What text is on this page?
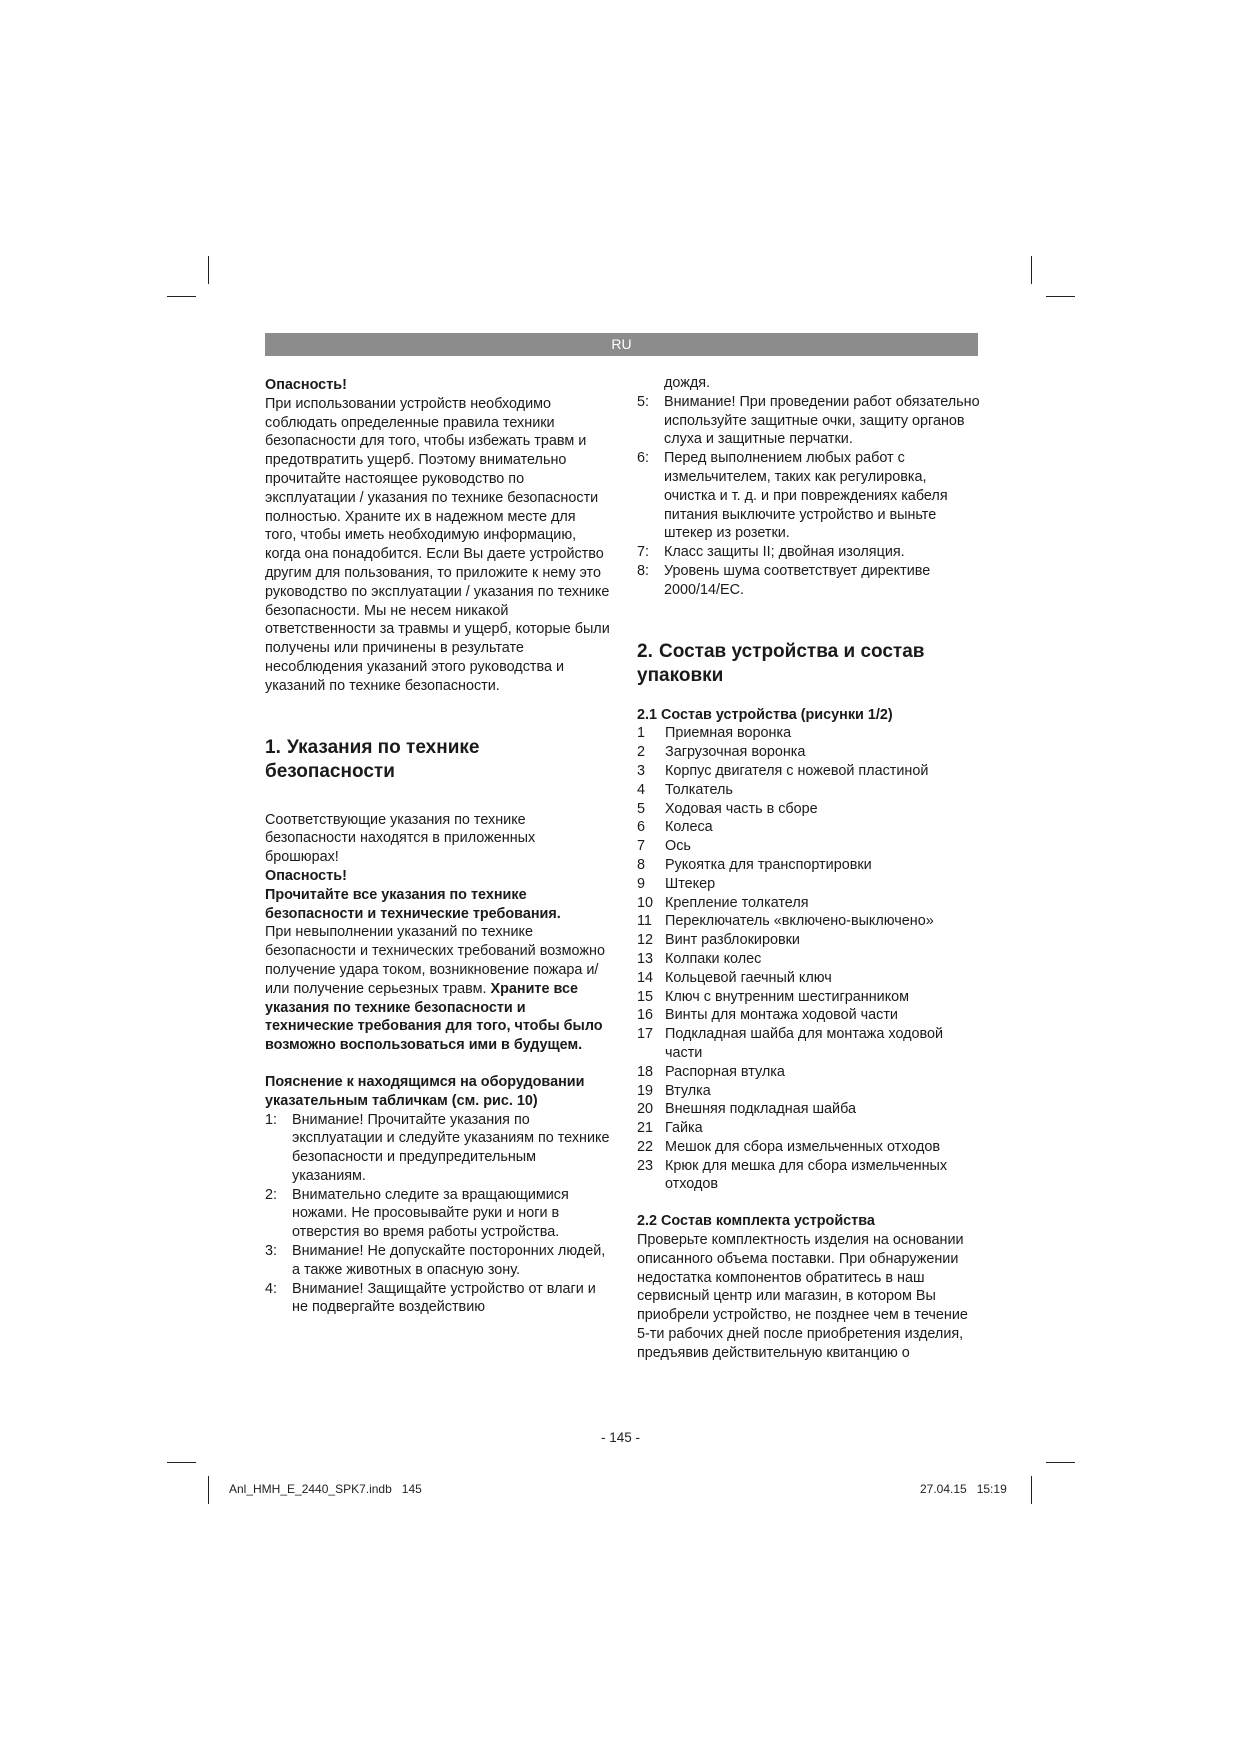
RU

Опасность!

При использовании устройств необходимо соблюдать определенные правила техники безопасности для того, чтобы избежать травм и предотвратить ущерб. Поэтому внимательно прочитайте настоящее руководство по эксплуатации / указания по технике безопасности полностью. Храните их в надежном месте для того, чтобы иметь необходимую информацию, когда она понадобится. Если Вы даете устройство другим для пользования, то приложите к нему это руководство по эксплуатации / указания по технике безопасности. Мы не несем никакой ответственности за травмы и ущерб, которые были получены или причинены в результате несоблюдения указаний этого руководства и указаний по технике безопасности.

1. Указания по технике безопасности

Соответствующие указания по технике безопасности находятся в приложенных брошюрах!

Опасность!

Прочитайте все указания по технике безопасности и технические требования.

При невыполнении указаний по технике безопасности и технических требований возможно получение удара током, возникновение пожара и/или получение серьезных травм. Храните все указания по технике безопасности и технические требования для того, чтобы было возможно воспользоваться ими в будущем.

Пояснение к находящимся на оборудовании указательным табличкам (см. рис. 10)

1:	Внимание! Прочитайте указания по эксплуатации и следуйте указаниям по технике безопасности и предупредительным указаниям.
2:	Внимательно следите за вращающимися ножами. Не просовывайте руки и ноги в отверстия во время работы устройства.
3:	Внимание! Не допускайте посторонних людей, а также животных в опасную зону.
4:	Внимание! Защищайте устройство от влаги и не подвергайте воздействию

дождя.

5:	Внимание! При проведении работ обязательно используйте защитные очки, защиту органов слуха и защитные перчатки.
6:	Перед выполнением любых работ с измельчителем, таких как регулировка, очистка и т. д. и при повреждениях кабеля питания выключите устройство и выньте штекер из розетки.
7:	Класс защиты II; двойная изоляция.
8:	Уровень шума соответствует директиве 2000/14/EC.
2. Состав устройства и состав упаковки

2.1 Состав устройства (рисунки 1/2)

1	Приемная воронка
2	Загрузочная воронка
3	Корпус двигателя с ножевой пластиной
4	Толкатель
5	Ходовая часть в сборе
6	Колеса
7	Ось
8	Рукоятка для транспортировки
9	Штекер
10 Крепление толкателя
11 Переключатель «включено-выключено»
12 Винт разблокировки
13 Колпаки колес
14 Кольцевой гаечный ключ
15 Ключ с внутренним шестигранником
16 Винты для монтажа ходовой части
17 Подкладная шайба для монтажа ходовой части
18 Распорная втулка
19 Втулка
20 Внешняя подкладная шайба
21 Гайка
22 Мешок для сбора измельченных отходов
23 Крюк для мешка для сбора измельченных отходов

2.2 Состав комплекта устройства

Проверьте комплектность изделия на основании описанного объема поставки. При обнаружении недостатка компонентов обратитесь в наш сервисный центр или магазин, в котором Вы приобрели устройство, не позднее чем в течение 5-ти рабочих дней после приобретения изделия, предъявив действительную квитанцию о

- 145 -
Anl_HMH_E_2440_SPK7.indb   145	27.04.15   15:19
